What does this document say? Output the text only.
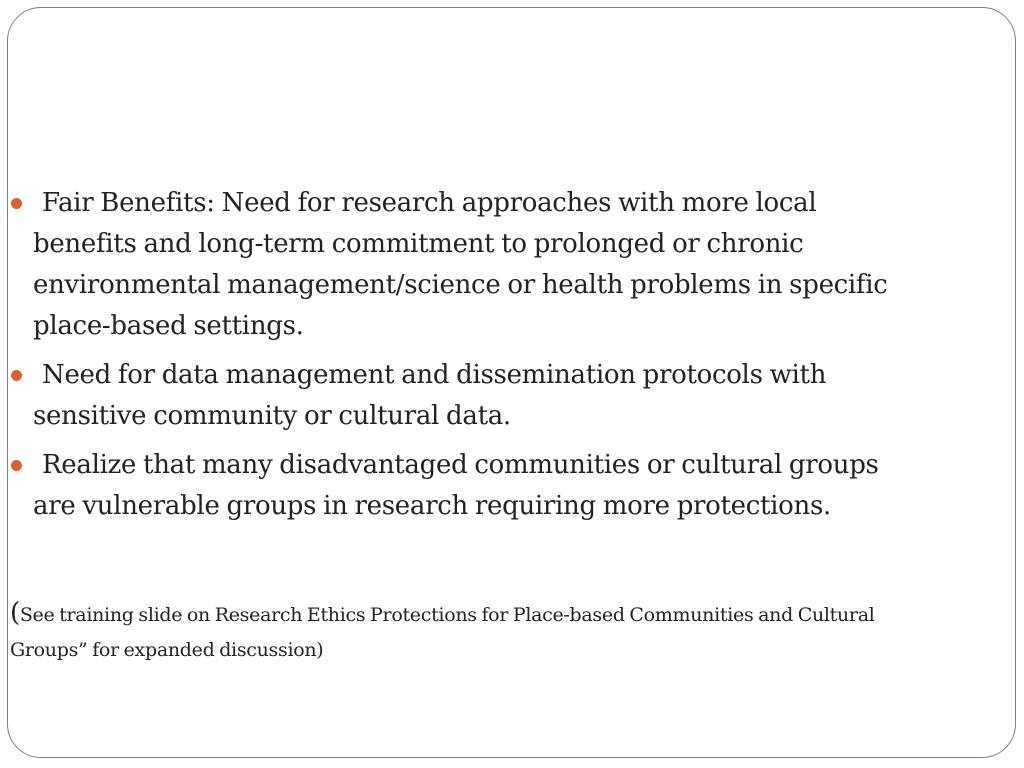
Fair Benefits: Need for research approaches with more local benefits and long-term commitment to prolonged or chronic environmental management/science or health problems in specific place-based settings.
Need for data management and dissemination protocols with sensitive community or cultural data.
Realize that many disadvantaged communities or cultural groups are vulnerable groups in research requiring more protections.

(See training slide on Research Ethics Protections for Place-based Communities and Cultural Groups” for expanded discussion)
